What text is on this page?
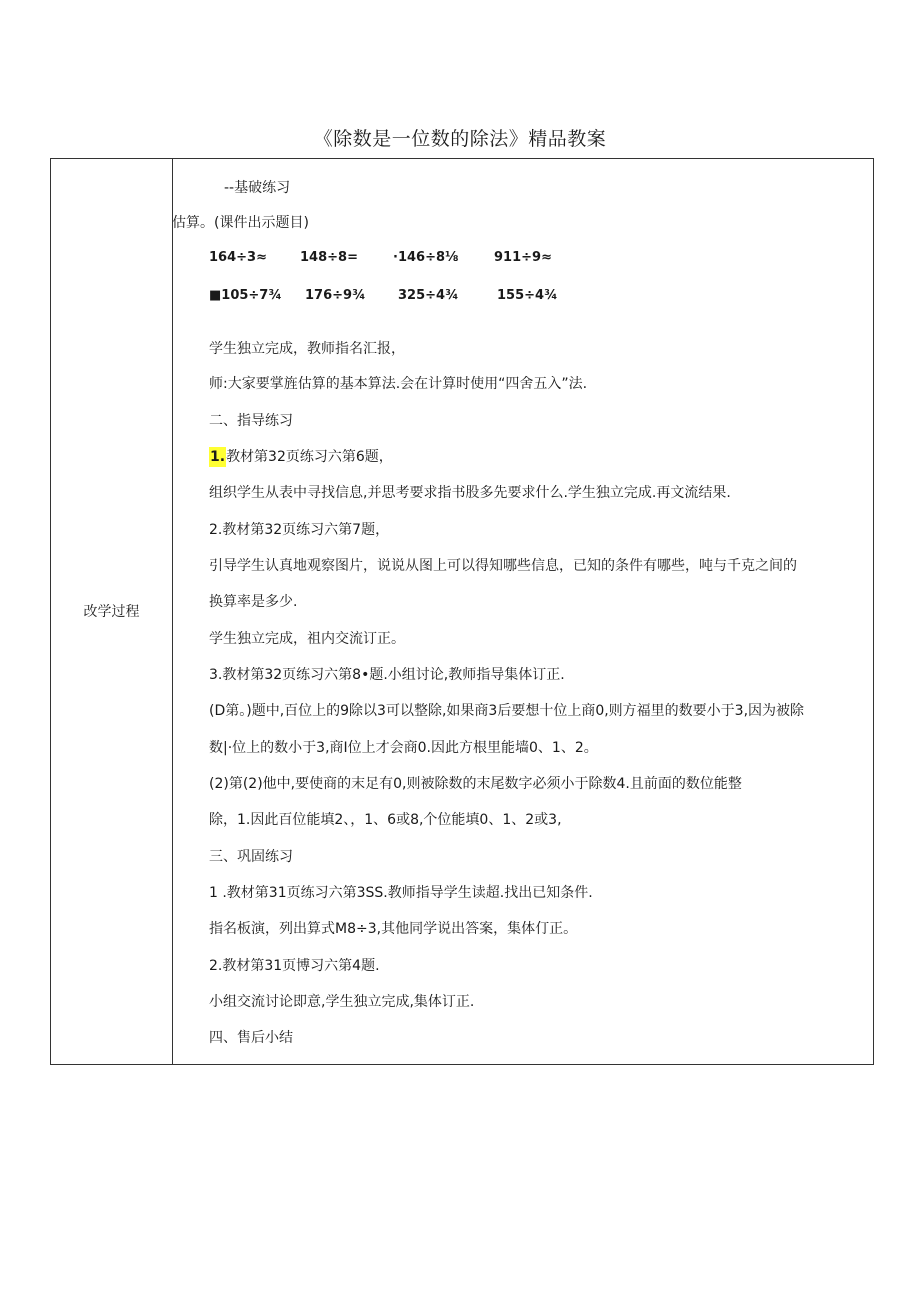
《除数是一位数的除法》精品教案
改学过程
--基破练习
估算。(课件出示题目)
164÷3≈	148÷8=	·146÷8⅛	911÷9≈
■105÷7¾ 176÷9¾ 325÷4¾	155÷4¾
学生独立完成，教师指名汇报，
师:大家要掌旌估算的基本算法.会在计算时使用“四舍五入”法.
二、指导练习
1.教材第32页练习六第6题，
组织学生从表中寻找信息,并思考要求指书股多先要求什么.学生独立完成.再文流结果.
2.教材第32页练习六第7题，
引导学生认真地观察图片，说说从图上可以得知哪些信息，已知的条件有哪些，吨与千克之间的
换算率是多少.
学生独立完成，祖内交流订正。
3.教材第32页练习六第8•题.小组讨论,教师指导集体订正.
(D第。)题中,百位上的9除以3可以整除,如果商3后要想十位上商0,则方福里的数要小于3,因为被除
数|·位上的数小于3,商I位上才会商0.因此方根里能墙0、1、2。
(2)第(2)他中,要使商的末足有0,则被除数的末尾数字必须小于除数4.且前面的数位能整
除，1.因此百位能填2、，1、6或8,个位能填0、1、2或3,
三、巩固练习
1 .教材第31页练习六第3SS.教师指导学生读超.找出已知条件.
指名板演，列出算式M8÷3,其他同学说出答案，集体仃正。
2.教材第31页博习六第4题.
小组交流讨论即意,学生独立完成,集体订正.
四、售后小结
